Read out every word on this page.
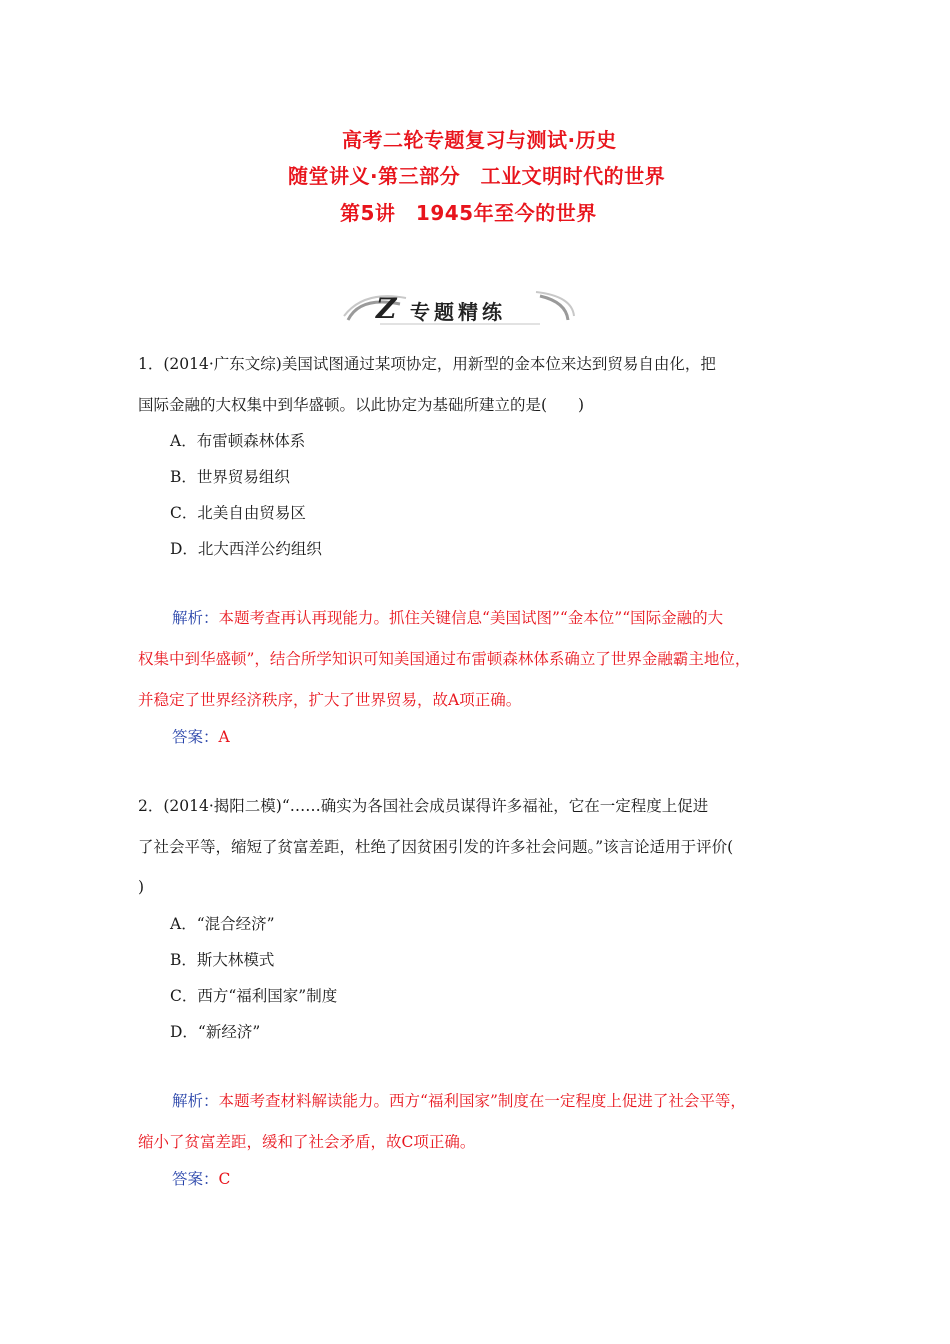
高考二轮专题复习与测试·历史
随堂讲义·第三部分　工业文明时代的世界
第5讲　1945年至今的世界
Z 专题精练
1．(2014·广东文综)美国试图通过某项协定，用新型的金本位来达到贸易自由化，把
国际金融的大权集中到华盛顿。以此协定为基础所建立的是(　　)
A．布雷顿森林体系
B．世界贸易组织
C．北美自由贸易区
D．北大西洋公约组织
解析：本题考查再认再现能力。抓住关键信息“美国试图”“金本位”“国际金融的大
权集中到华盛顿”，结合所学知识可知美国通过布雷顿森林体系确立了世界金融霸主地位，
并稳定了世界经济秩序，扩大了世界贸易，故A项正确。
答案：A
2．(2014·揭阳二模)“……确实为各国社会成员谋得许多福祉，它在一定程度上促进
了社会平等，缩短了贫富差距，杜绝了因贫困引发的许多社会问题。”该言论适用于评价(
)
A．“混合经济”
B．斯大林模式
C．西方“福利国家”制度
D．“新经济”
解析：本题考查材料解读能力。西方“福利国家”制度在一定程度上促进了社会平等，
缩小了贫富差距，缓和了社会矛盾，故C项正确。
答案：C
